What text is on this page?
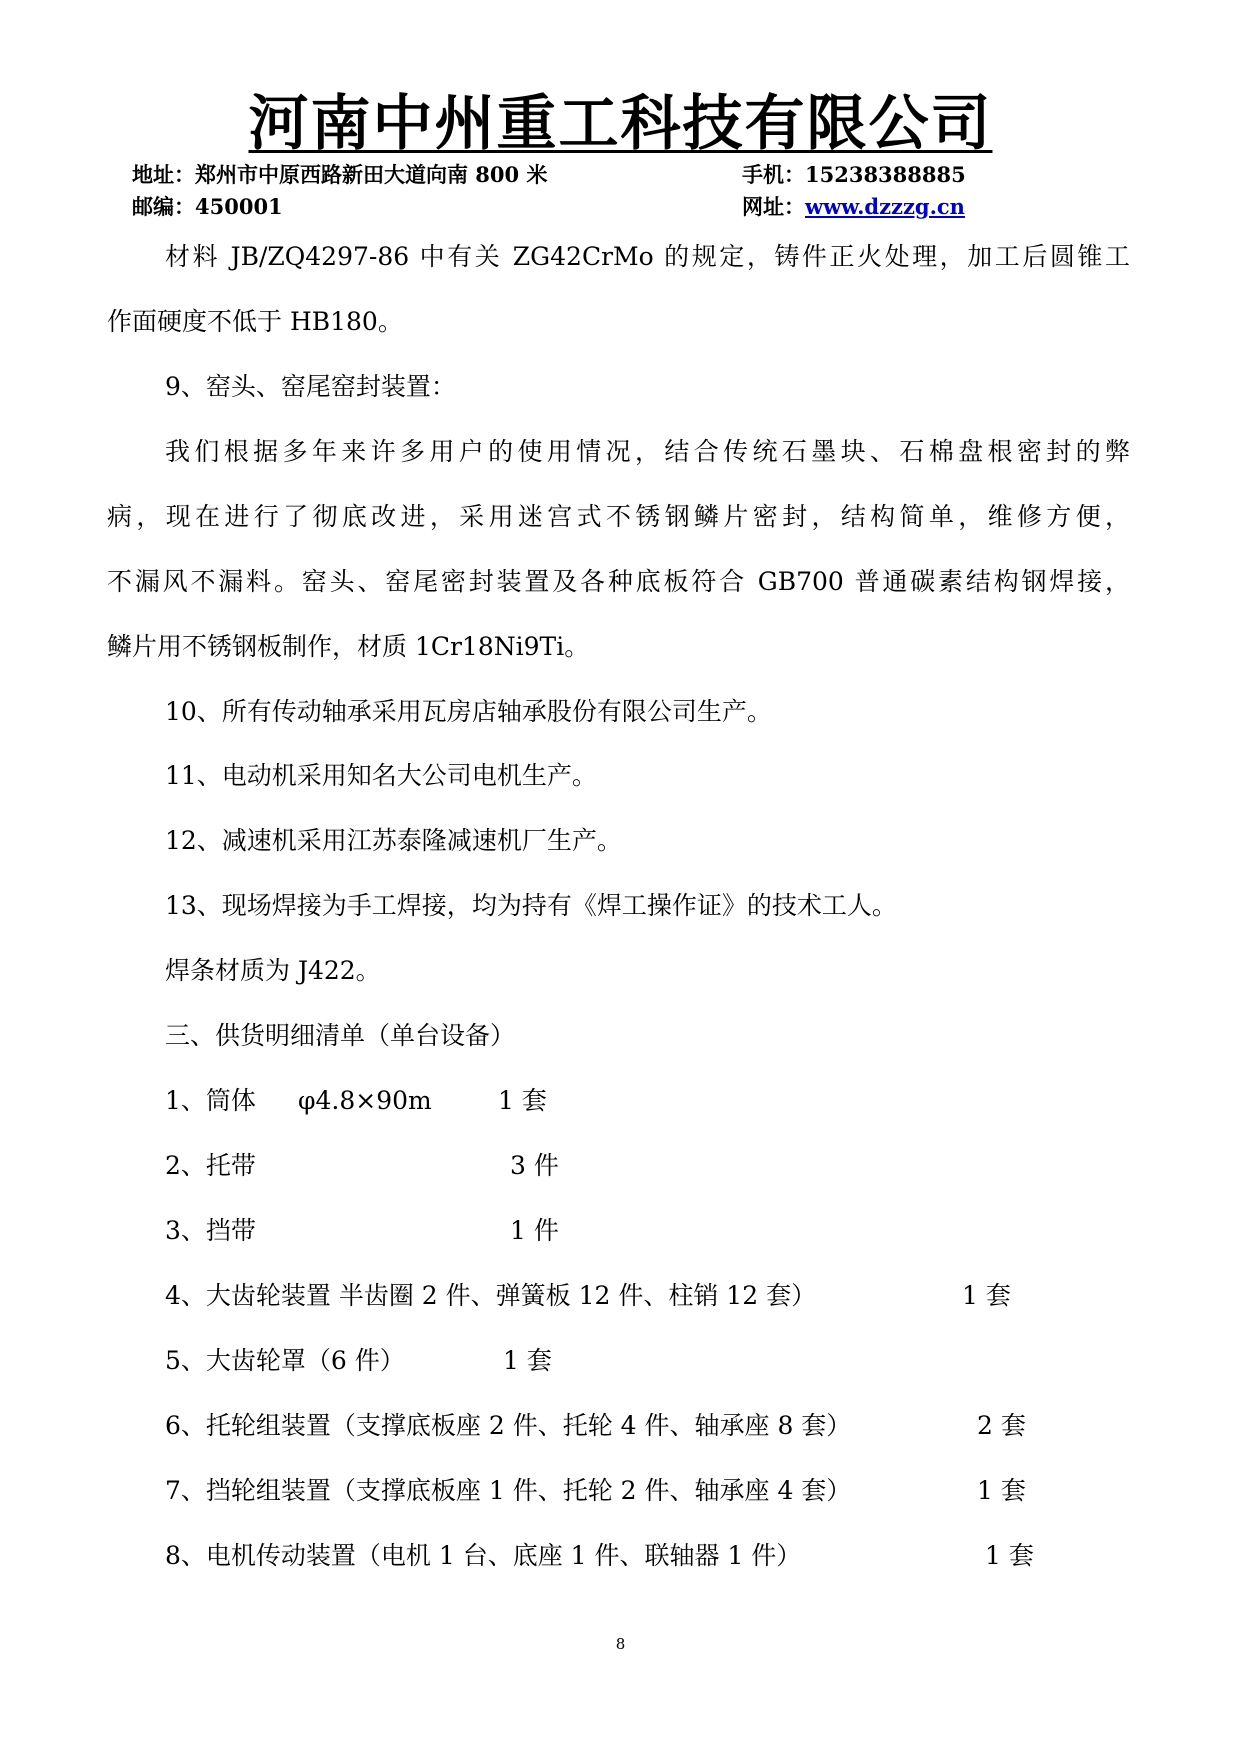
河南中州重工科技有限公司
地址：郑州市中原西路新田大道向南 800 米	手机：15238388885
邮编：450001	网址：www.dzzzg.cn
材料 JB/ZQ4297-86 中有关 ZG42CrMo 的规定，铸件正火处理，加工后圆锥工
作面硬度不低于 HB180。
9、窑头、窑尾窑封装置：
我们根据多年来许多用户的使用情况，结合传统石墨块、石棉盘根密封的弊
病，现在进行了彻底改进，采用迷宫式不锈钢鳞片密封，结构简单，维修方便，
不漏风不漏料。窑头、窑尾密封装置及各种底板符合 GB700 普通碳素结构钢焊接，
鳞片用不锈钢板制作，材质 1Cr18Ni9Ti。
10、所有传动轴承采用瓦房店轴承股份有限公司生产。
11、电动机采用知名大公司电机生产。
12、减速机采用江苏泰隆减速机厂生产。
13、现场焊接为手工焊接，均为持有《焊工操作证》的技术工人。
焊条材质为 J422。
三、供货明细清单（单台设备）
1、筒体 φ4.8×90m	1 套
2、托带	3 件
3、挡带	1 件
4、大齿轮装置 半齿圈 2 件、弹簧板 12 件、柱销 12 套）	1 套
5、大齿轮罩（6 件）	1 套
6、托轮组装置（支撑底板座 2 件、托轮 4 件、轴承座 8 套）	2 套
7、挡轮组装置（支撑底板座 1 件、托轮 2 件、轴承座 4 套）	1 套
8、电机传动装置（电机 1 台、底座 1 件、联轴器 1 件）	1 套
8
